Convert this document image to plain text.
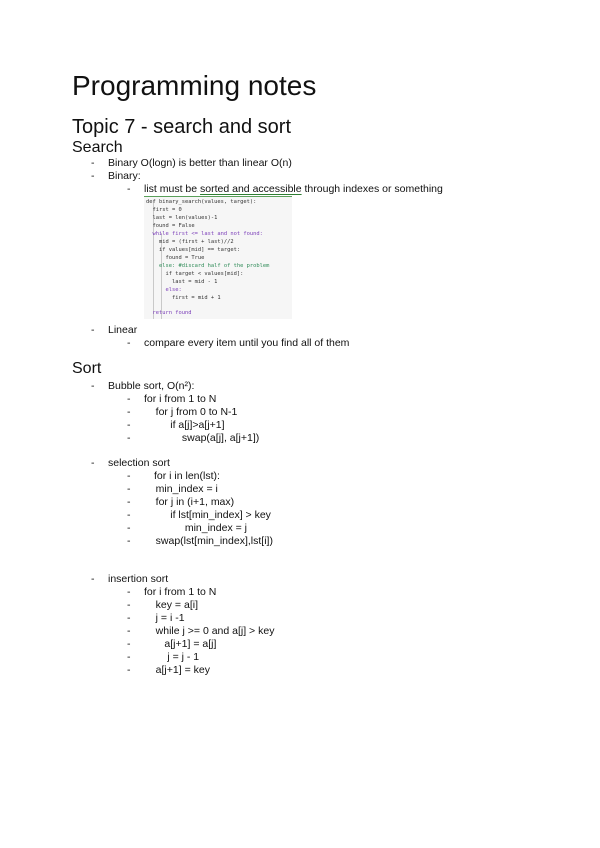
Programming notes
Topic 7 - search and sort
Search
- Binary O(logn) is better than linear O(n)
- Binary:
- list must be sorted and accessible through indexes or something
def binary_search(values, target):
first = 0
last = len(values)-1
found = False
while first <= last and not found:
mid = (first + last)//2
if values[mid] == target:
found = True
else: #discard half of the problem
if target < values[mid]:
last = mid - 1
else:
first = mid + 1
return found
- Linear
- compare every item until you find all of them
Sort
- Bubble sort, O(n²):
- for i from 1 to N
- for j from 0 to N-1
- if a[j]>a[j+1]
- swap(a[j], a[j+1])
- selection sort
- for i in len(lst):
- min_index = i
- for j in (i+1, max)
- if lst[min_index] > key
- min_index = j
- swap(lst[min_index],lst[i])
- insertion sort
- for i from 1 to N
- key = a[i]
- j = i -1
- while j >= 0 and a[j] > key
- a[j+1] = a[j]
- j = j - 1
- a[j+1] = key
